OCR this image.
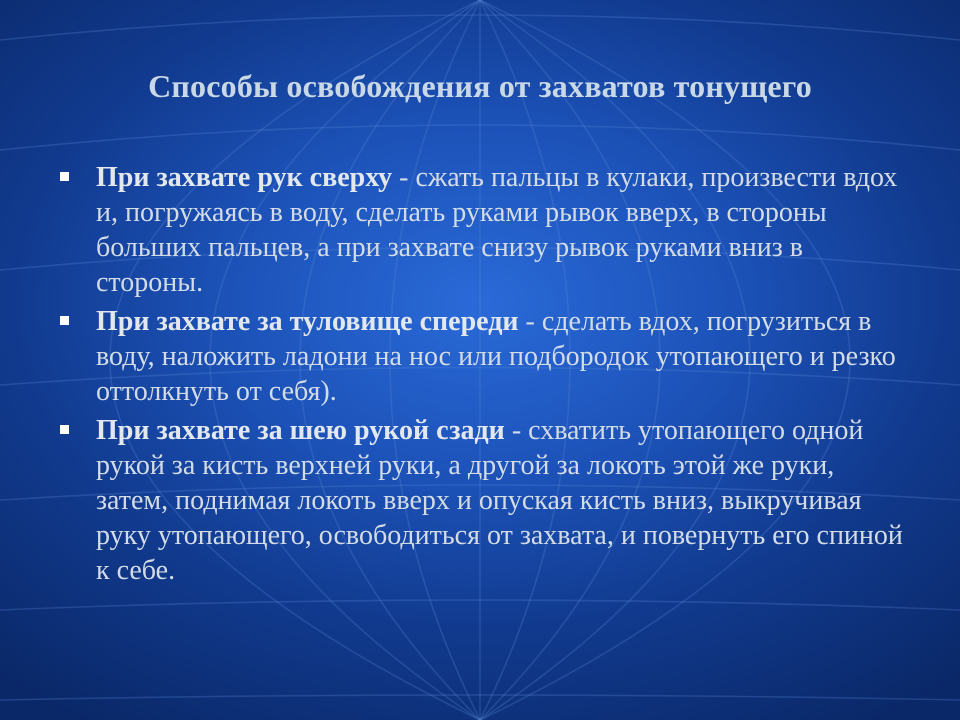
Способы освобождения от захватов тонущего
При захвате рук сверху - сжать пальцы в кулаки, произвести вдох и, погружаясь в воду, сделать руками рывок вверх, в стороны больших пальцев, а при захвате снизу рывок руками вниз в стороны.
При захвате за туловище спереди - сделать вдох, погрузиться в воду, наложить ладони на нос или подбородок утопающего и резко оттолкнуть от себя).
При захвате за шею рукой сзади - схватить утопающего одной рукой за кисть верхней руки, а другой за локоть этой же руки, затем, поднимая локоть вверх и опуская кисть вниз, выкручивая руку утопающего, освободиться от захвата, и повернуть его спиной к себе.
